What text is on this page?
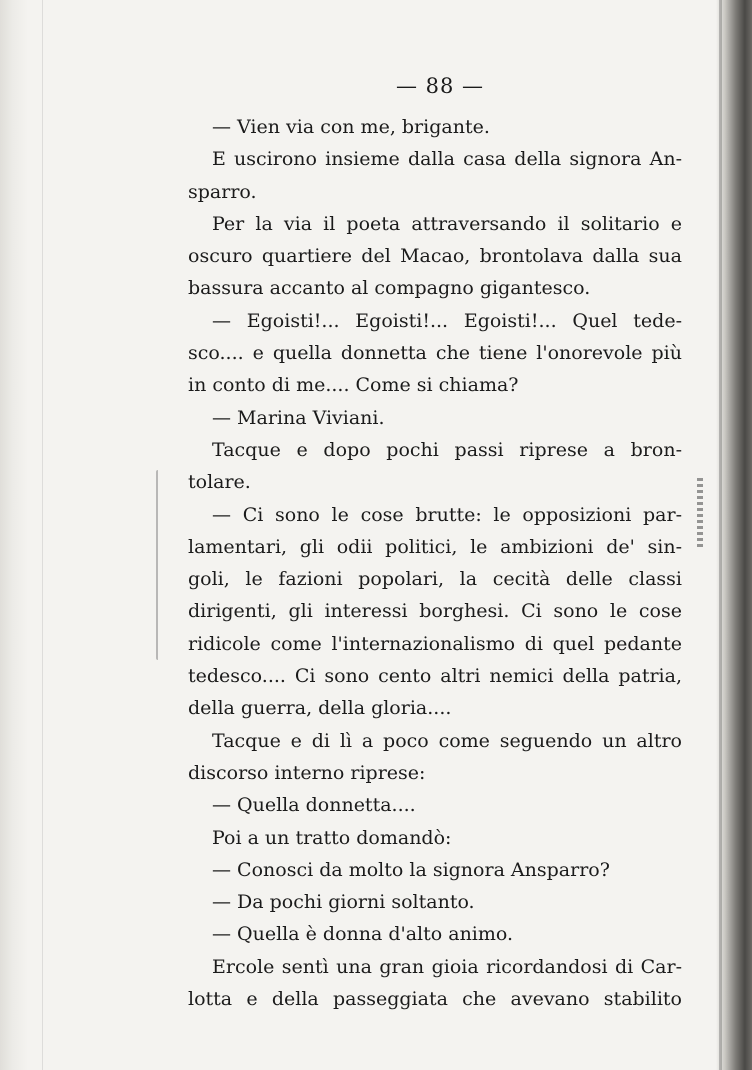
— 88 —
— Vien via con me, brigante.
E uscirono insieme dalla casa della signora An-
sparro.
Per la via il poeta attraversando il solitario e
oscuro quartiere del Macao, brontolava dalla sua
bassura accanto al compagno gigantesco.
— Egoisti!... Egoisti!... Egoisti!... Quel tede-
sco.... e quella donnetta che tiene l'onorevole più
in conto di me.... Come si chiama?
— Marina Viviani.
Tacque e dopo pochi passi riprese a bron-
tolare.
— Ci sono le cose brutte: le opposizioni par-
lamentari, gli odii politici, le ambizioni de' sin-
goli, le fazioni popolari, la cecità delle classi
dirigenti, gli interessi borghesi. Ci sono le cose
ridicole come l'internazionalismo di quel pedante
tedesco.... Ci sono cento altri nemici della patria,
della guerra, della gloria....
Tacque e di lì a poco come seguendo un altro
discorso interno riprese:
— Quella donnetta....
Poi a un tratto domandò:
— Conosci da molto la signora Ansparro?
— Da pochi giorni soltanto.
— Quella è donna d'alto animo.
Ercole sentì una gran gioia ricordandosi di Car-
lotta e della passeggiata che avevano stabilito
